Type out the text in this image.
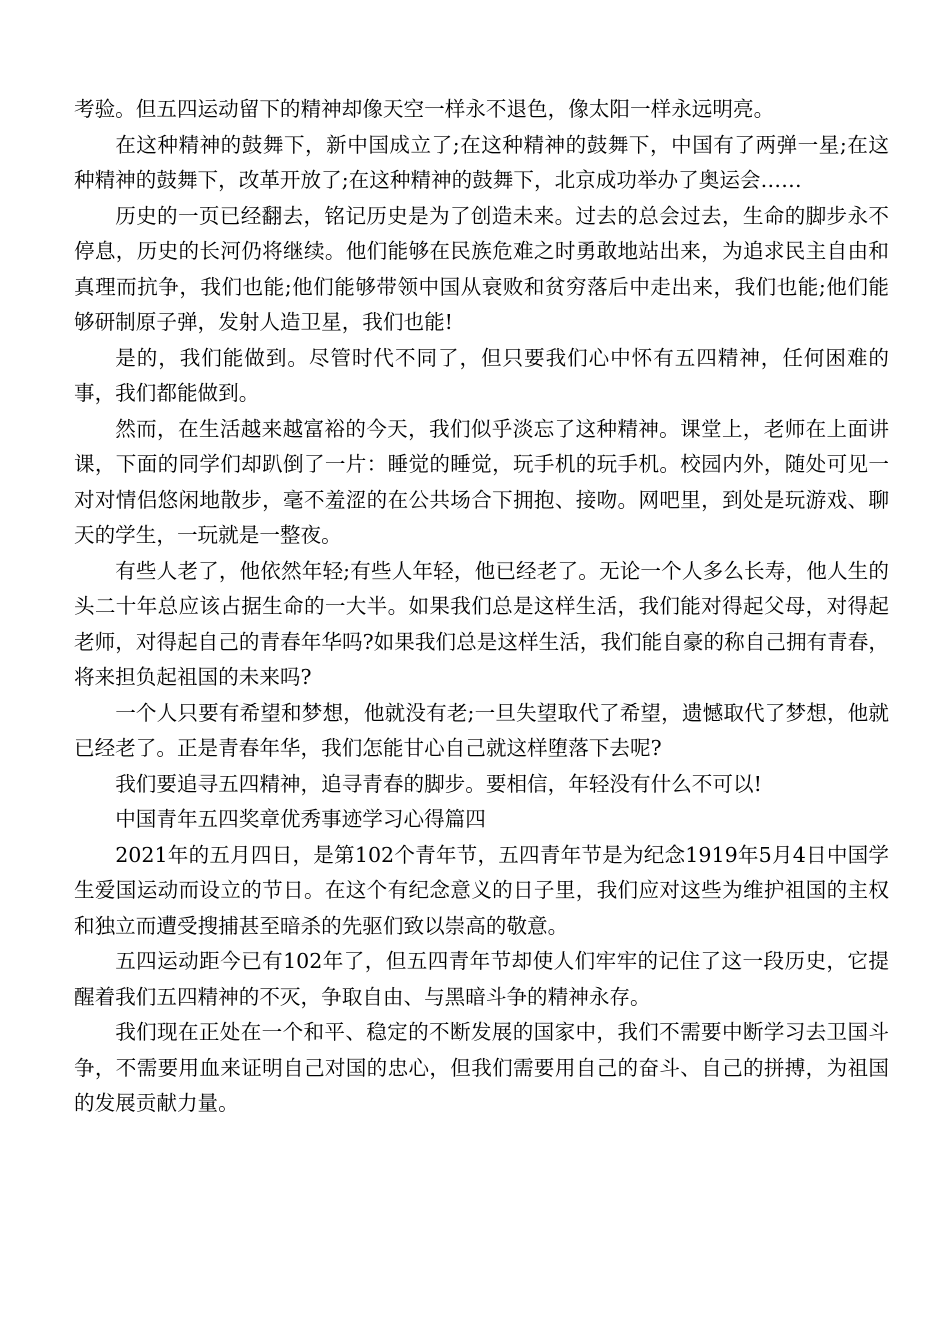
考验。但五四运动留下的精神却像天空一样永不退色，像太阳一样永远明亮。

在这种精神的鼓舞下，新中国成立了;在这种精神的鼓舞下，中国有了两弹一星;在这种精神的鼓舞下，改革开放了;在这种精神的鼓舞下，北京成功举办了奥运会……

历史的一页已经翻去，铭记历史是为了创造未来。过去的总会过去，生命的脚步永不停息，历史的长河仍将继续。他们能够在民族危难之时勇敢地站出来，为追求民主自由和真理而抗争，我们也能;他们能够带领中国从衰败和贫穷落后中走出来，我们也能;他们能够研制原子弹，发射人造卫星，我们也能!

是的，我们能做到。尽管时代不同了，但只要我们心中怀有五四精神，任何困难的事，我们都能做到。

然而，在生活越来越富裕的今天，我们似乎淡忘了这种精神。课堂上，老师在上面讲课，下面的同学们却趴倒了一片：睡觉的睡觉，玩手机的玩手机。校园内外，随处可见一对对情侣悠闲地散步，毫不羞涩的在公共场合下拥抱、接吻。网吧里，到处是玩游戏、聊天的学生，一玩就是一整夜。

有些人老了，他依然年轻;有些人年轻，他已经老了。无论一个人多么长寿，他人生的头二十年总应该占据生命的一大半。如果我们总是这样生活，我们能对得起父母，对得起老师，对得起自己的青春年华吗?如果我们总是这样生活，我们能自豪的称自己拥有青春，将来担负起祖国的未来吗?

一个人只要有希望和梦想，他就没有老;一旦失望取代了希望，遗憾取代了梦想，他就已经老了。正是青春年华，我们怎能甘心自己就这样堕落下去呢?

我们要追寻五四精神，追寻青春的脚步。要相信，年轻没有什么不可以!

中国青年五四奖章优秀事迹学习心得篇四

2021年的五月四日，是第102个青年节，五四青年节是为纪念1919年5月4日中国学生爱国运动而设立的节日。在这个有纪念意义的日子里，我们应对这些为维护祖国的主权和独立而遭受搜捕甚至暗杀的先驱们致以崇高的敬意。

五四运动距今已有102年了，但五四青年节却使人们牢牢的记住了这一段历史，它提醒着我们五四精神的不灭，争取自由、与黑暗斗争的精神永存。

我们现在正处在一个和平、稳定的不断发展的国家中，我们不需要中断学习去卫国斗争，不需要用血来证明自己对国的忠心，但我们需要用自己的奋斗、自己的拼搏，为祖国的发展贡献力量。
